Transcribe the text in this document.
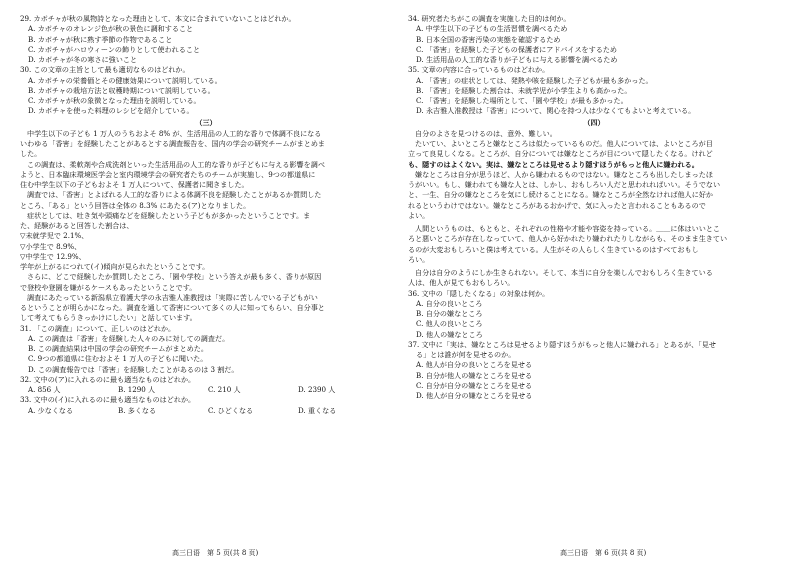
29. カボチャが秋の風物詩となった理由として、本文に合まれていないことはどれか。
A. カボチャのオレンジ色が秋の景色に調和すること
B. カボチャが秋に熟す季節の作物であること
C. カボチャがハロウィーンの飾りとして使われること
D. カボチャが冬の寒さに強いこと
30. この文章の主旨として最も適切なものはどれか。
A. カボチャの栄養価とその健康効果について説明している。
B. カボチャの栽培方法と収穫時期について説明している。
C. カボチャが秋の象徴となった理由を説明している。
D. カボチャを使った料理のレシピを紹介している。
（三）
中学生以下の子ども 1 万人のうちおよそ 8% が、生活用品の人工的な香りで体調不良になる
いわゆる「香害」を経験したことがあるとする調査報告を、国内の学会の研究チームがまとめま
した。
この調査は、柔軟剤や合成洗剤といった生活用品の人工的な香りが子どもに与える影響を調べ
ようと、日本臨床環境医学会と室内環境学会の研究者たちのチームが実施し、9つの都道県に
住む中学生以下の子どもおよそ 1 万人について、保護者に聞きました。
調査では、「香害」とよばれる人工的な香りによる体調不良を経験したことがあるか質問した
ところ、「ある」という回答は全体の 8.3% にあたる(ア)となりました。
症状としては、吐き気や頭痛などを経験したという子どもが多かったということです。ま
た、経験があると回答した割合は、
▽未就学児で 2.1%、
▽小学生で 8.9%、
▽中学生で 12.9%、
学年が上がるにつれて(イ)傾向が見られたということです。
さらに、どこで経験したか質問したところ、「園や学校」という答えが最も多く、香りが原因
で登校や登園を嫌がるケースもあったということです。
調査にあたっている新潟県立看護大学の永吉雅人准教授は「実際に苦しんでいる子どもがい
るということが明らかになった。調査を通して香害について多くの人に知ってもらい、自分事と
して考えてもらうきっかけにしたい」と話しています。
31. 「この調査」について、正しいのはどれか。
A. この調査は「香害」を経験した人々のみに対しての調査だ。
B. この調査結果は中国の学会の研究チームがまとめた。
C. 9つの都道県に住むおよそ 1 万人の子どもに聞いた。
D. この調査報告では「香害」を経験したことがあるのは 3 割だ。
32. 文中の(ア)に入れるのに最も適当なものはどれか。
A. 856 人	B. 1290 人	C. 210 人	D. 2390 人
33. 文中の(イ)に入れるのに最も適当なものはどれか。
A. 少なくなる	B. 多くなる	C. ひどくなる	D. 重くなる
34. 研究者たちがこの調査を実施した目的は何か。
A. 中学生以下の子どもの生活習慣を調べるため
B. 日本全国の香害汚染の実態を確認するため
C. 「香害」を経験した子どもの保護者にアドバイスをするため
D. 生活用品の人工的な香りが子どもに与える影響を調べるため
35. 文章の内容に合っているものはどれか。
A. 「香害」の症状としては、発熱や咳を経験した子どもが最も多かった。
B. 「香害」を経験した割合は、未就学児が小学生よりも高かった。
C. 「香害」を経験した場所として、「園や学校」が最も多かった。
D. 永吉雅人准教授は「香害」について、関心を持つ人は少なくてもよいと考えている。
（四）
自分のよさを見つけるのは、意外、難しい。
たいてい、よいところと嫌なところは似たっているものだ。他人については、よいところが目
立って良見しくなる。ところが、自分については嫌なところが目について隠したくなる。けれど
も、隠すのはよくない。実は、嫌なところは見せるより隠すほうがもっと他人に嫌われる。
嫌なところは自分が思うほど、人から嫌われるものではない。嫌なところも出したしまったほ
うがいい。もし、嫌われても嫌な人とは、しかし、おもしろい人だと思われればいい。そうでない
と、一生、自分の嫌なところを気にし続けることになる。嫌なところが全然なければ他人に好か
れるというわけではない。嫌なところがあるおかげで、気に入ったと言われることもあるので
よい。
人間というものは、もともと、それぞれの性格や才能や容姿を持っている。＿＿に体はいいとこ
ろと悪いところが存在しなっていて、他人から好かれたり嫌われたりしながらも、そのまま生きてい
るのが大変おもしろいと僕は考えている。人生がその人らしく生きているのはすべておもし
ろい。
自分は自分のようにしか生きられない。そして、本当に自分を楽しんでおもしろく生きている
人は、他人が見てもおもしろい。
36. 文中の「隠したくなる」の対象は何か。
A. 自分の良いところ
B. 自分の嫌なところ
C. 他人の良いところ
D. 他人の嫌なところ
37. 文中に「実は、嫌なところは見せるより隠すほうがもっと他人に嫌われる」とあるが、「見せ
る」とは誰が何を見せるのか。
A. 他人が自分の良いところを見せる
B. 自分が他人の嫌なところを見せる
C. 自分が自分の嫌なところを見せる
D. 他人が自分の嫌なところを見せる
高三日语　第 5 页(共 8 页)	高三日语　第 6 页(共 8 页)
